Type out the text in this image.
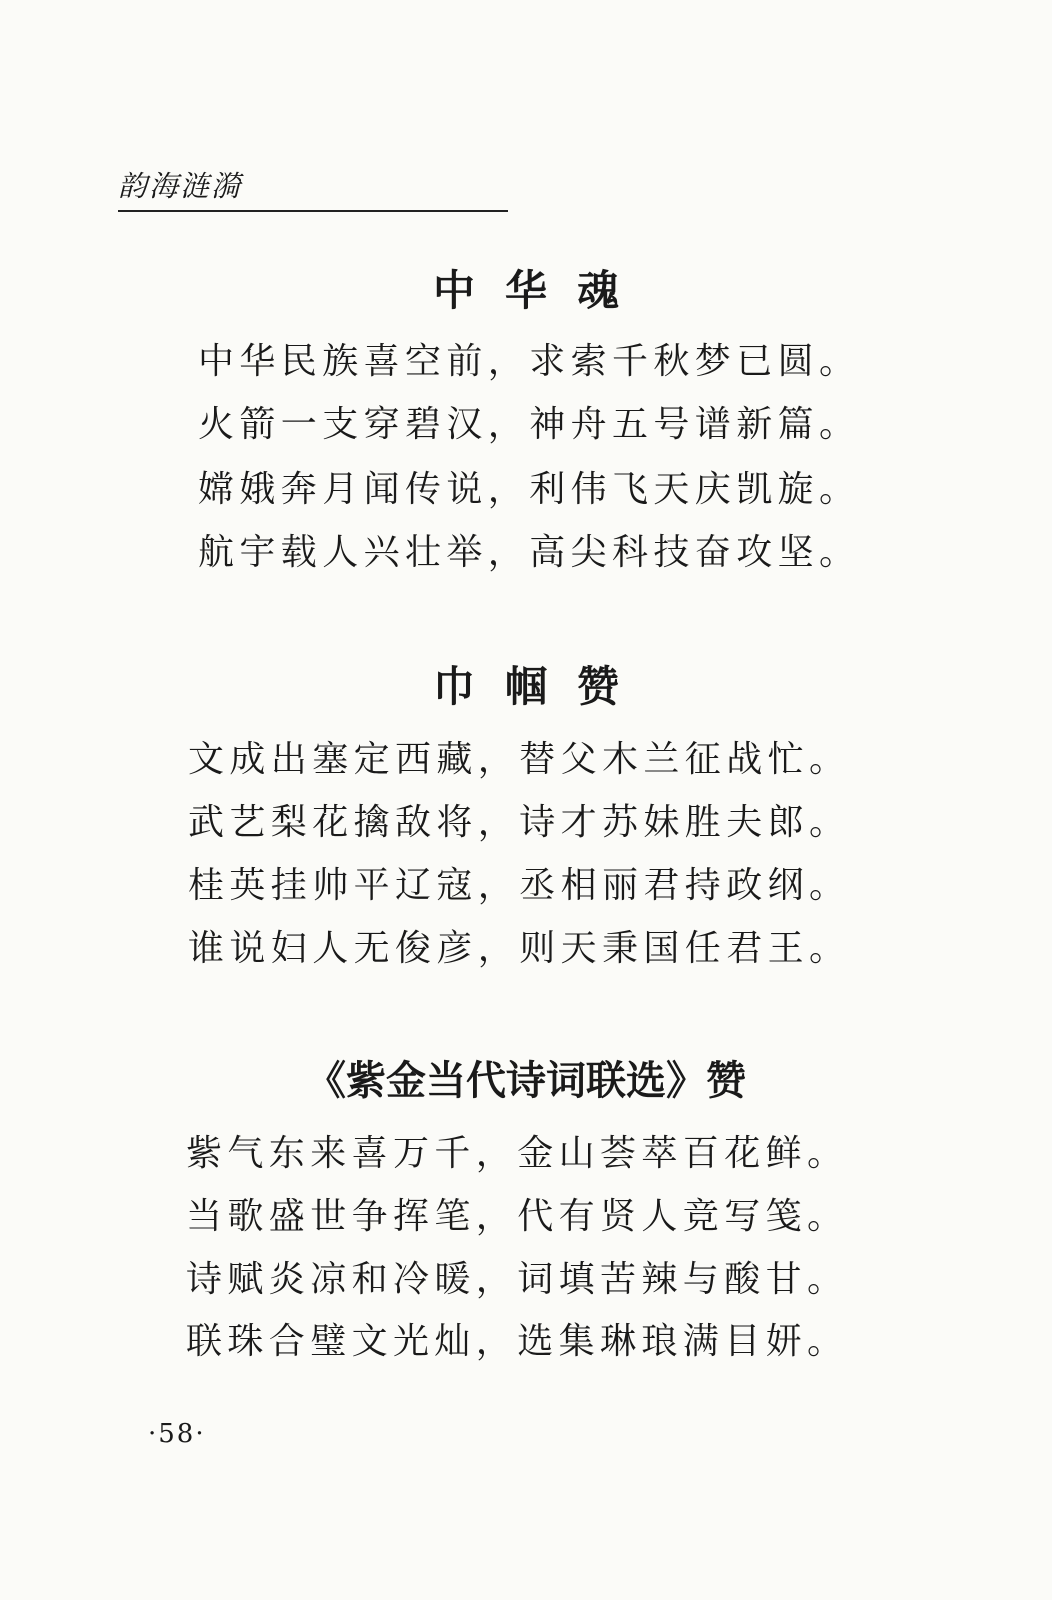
韵海涟漪
中华魂
中华民族喜空前，求索千秋梦已圆。
火箭一支穿碧汉，神舟五号谱新篇。
嫦娥奔月闻传说，利伟飞天庆凯旋。
航宇载人兴壮举，高尖科技奋攻坚。
巾帼赞
文成出塞定西藏，替父木兰征战忙。
武艺梨花擒敌将，诗才苏妹胜夫郎。
桂英挂帅平辽寇，丞相丽君持政纲。
谁说妇人无俊彦，则天秉国任君王。
《紫金当代诗词联选》赞
紫气东来喜万千，金山荟萃百花鲜。
当歌盛世争挥笔，代有贤人竞写笺。
诗赋炎凉和冷暖，词填苦辣与酸甘。
联珠合璧文光灿，选集琳琅满目妍。
·58·
